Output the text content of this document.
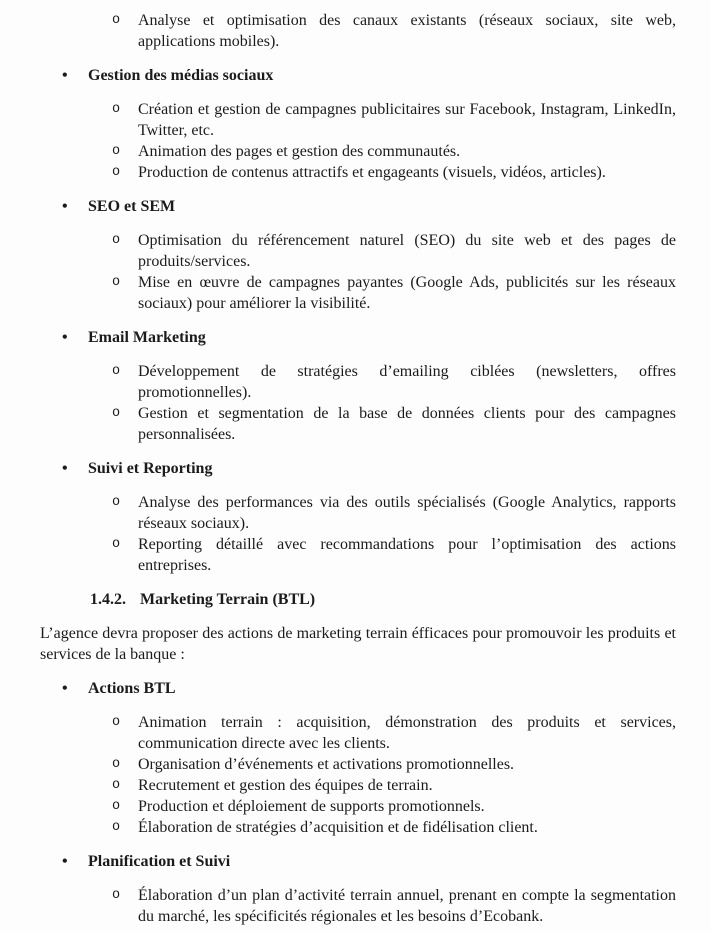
o Analyse et optimisation des canaux existants (réseaux sociaux, site web, applications mobiles).
• Gestion des médias sociaux
o Création et gestion de campagnes publicitaires sur Facebook, Instagram, LinkedIn, Twitter, etc.
o Animation des pages et gestion des communautés.
o Production de contenus attractifs et engageants (visuels, vidéos, articles).
• SEO et SEM
o Optimisation du référencement naturel (SEO) du site web et des pages de produits/services.
o Mise en œuvre de campagnes payantes (Google Ads, publicités sur les réseaux sociaux) pour améliorer la visibilité.
• Email Marketing
o Développement de stratégies d’emailing ciblées (newsletters, offres promotionnelles).
o Gestion et segmentation de la base de données clients pour des campagnes personnalisées.
• Suivi et Reporting
o Analyse des performances via des outils spécialisés (Google Analytics, rapports réseaux sociaux).
o Reporting détaillé avec recommandations pour l’optimisation des actions entreprises.
1.4.2. Marketing Terrain (BTL)
L’agence devra proposer des actions de marketing terrain éfficaces pour promouvoir les produits et services de la banque :
• Actions BTL
o Animation terrain : acquisition, démonstration des produits et services, communication directe avec les clients.
o Organisation d’événements et activations promotionnelles.
o Recrutement et gestion des équipes de terrain.
o Production et déploiement de supports promotionnels.
o Élaboration de stratégies d’acquisition et de fidélisation client.
• Planification et Suivi
o Élaboration d’un plan d’activité terrain annuel, prenant en compte la segmentation du marché, les spécificités régionales et les besoins d’Ecobank.
